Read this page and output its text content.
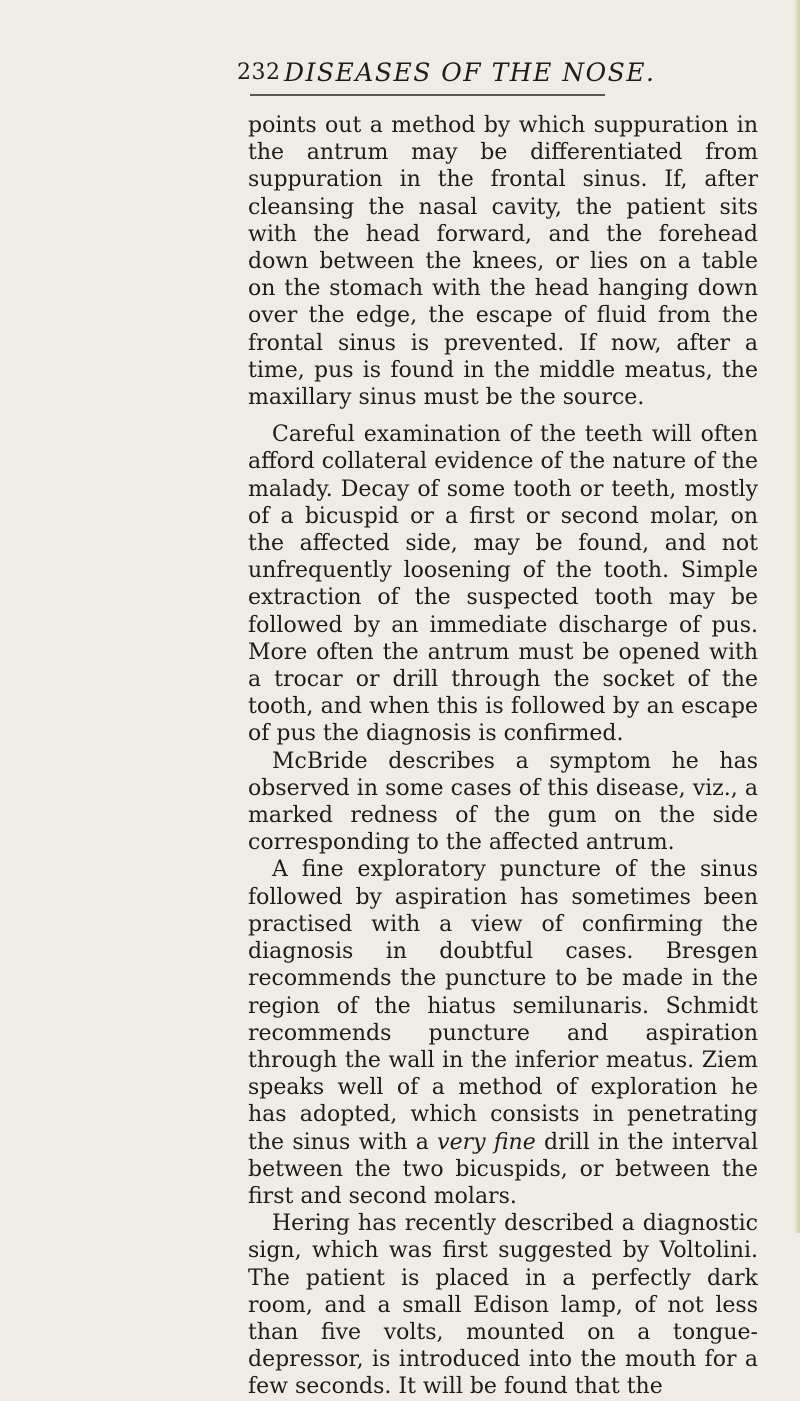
232 DISEASES OF THE NOSE.

points out a method by which suppuration in the antrum may be differentiated from suppuration in the frontal sinus. If, after cleansing the nasal cavity, the patient sits with the head forward, and the forehead down between the knees, or lies on a table on the stomach with the head hanging down over the edge, the escape of fluid from the frontal sinus is prevented. If now, after a time, pus is found in the middle meatus, the maxillary sinus must be the source.

Careful examination of the teeth will often afford collateral evidence of the nature of the malady. Decay of some tooth or teeth, mostly of a bicuspid or a first or second molar, on the affected side, may be found, and not unfrequently loosening of the tooth. Simple extraction of the suspected tooth may be followed by an immediate discharge of pus. More often the antrum must be opened with a trocar or drill through the socket of the tooth, and when this is followed by an escape of pus the diagnosis is confirmed.

McBride describes a symptom he has observed in some cases of this disease, viz., a marked redness of the gum on the side corresponding to the affected antrum.

A fine exploratory puncture of the sinus followed by aspiration has sometimes been practised with a view of confirming the diagnosis in doubtful cases. Bresgen recommends the puncture to be made in the region of the hiatus semilunaris. Schmidt recommends puncture and aspiration through the wall in the inferior meatus. Ziem speaks well of a method of exploration he has adopted, which consists in penetrating the sinus with a very fine drill in the interval between the two bicuspids, or between the first and second molars.

Hering has recently described a diagnostic sign, which was first suggested by Voltolini. The patient is placed in a perfectly dark room, and a small Edison lamp, of not less than five volts, mounted on a tongue-depressor, is introduced into the mouth for a few seconds. It will be found that the
